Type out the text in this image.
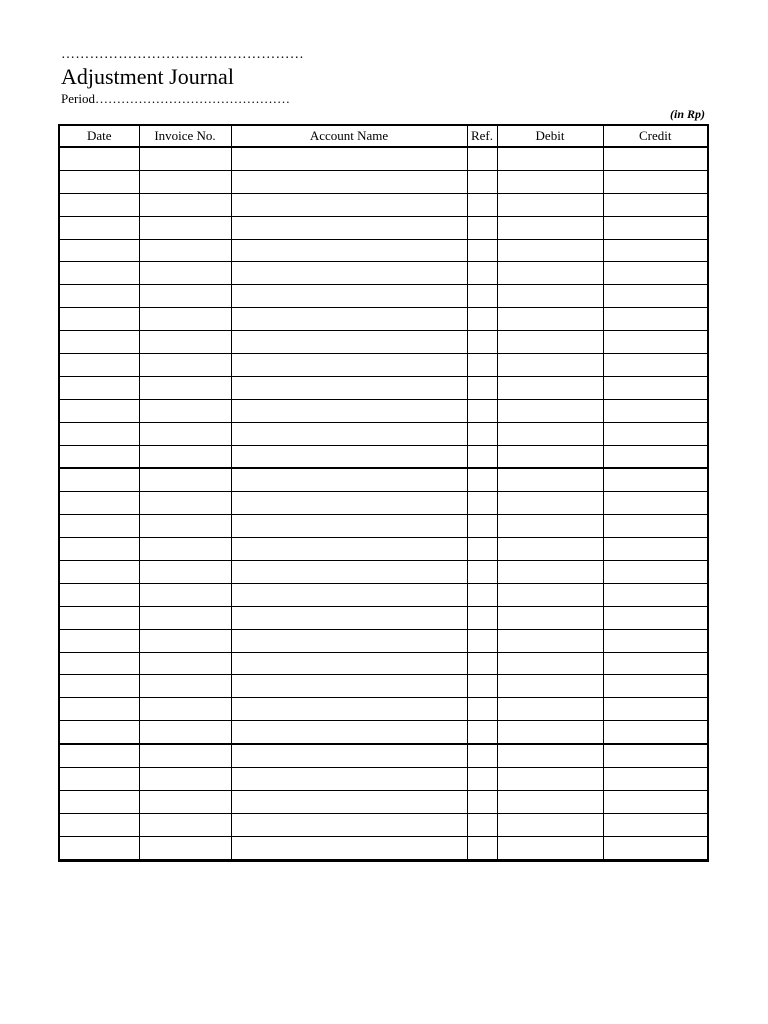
……………………………………………
Adjustment Journal
Period………………………………………
(in Rp)
Date	Invoice No.	Account Name	Ref.	Debit	Credit
